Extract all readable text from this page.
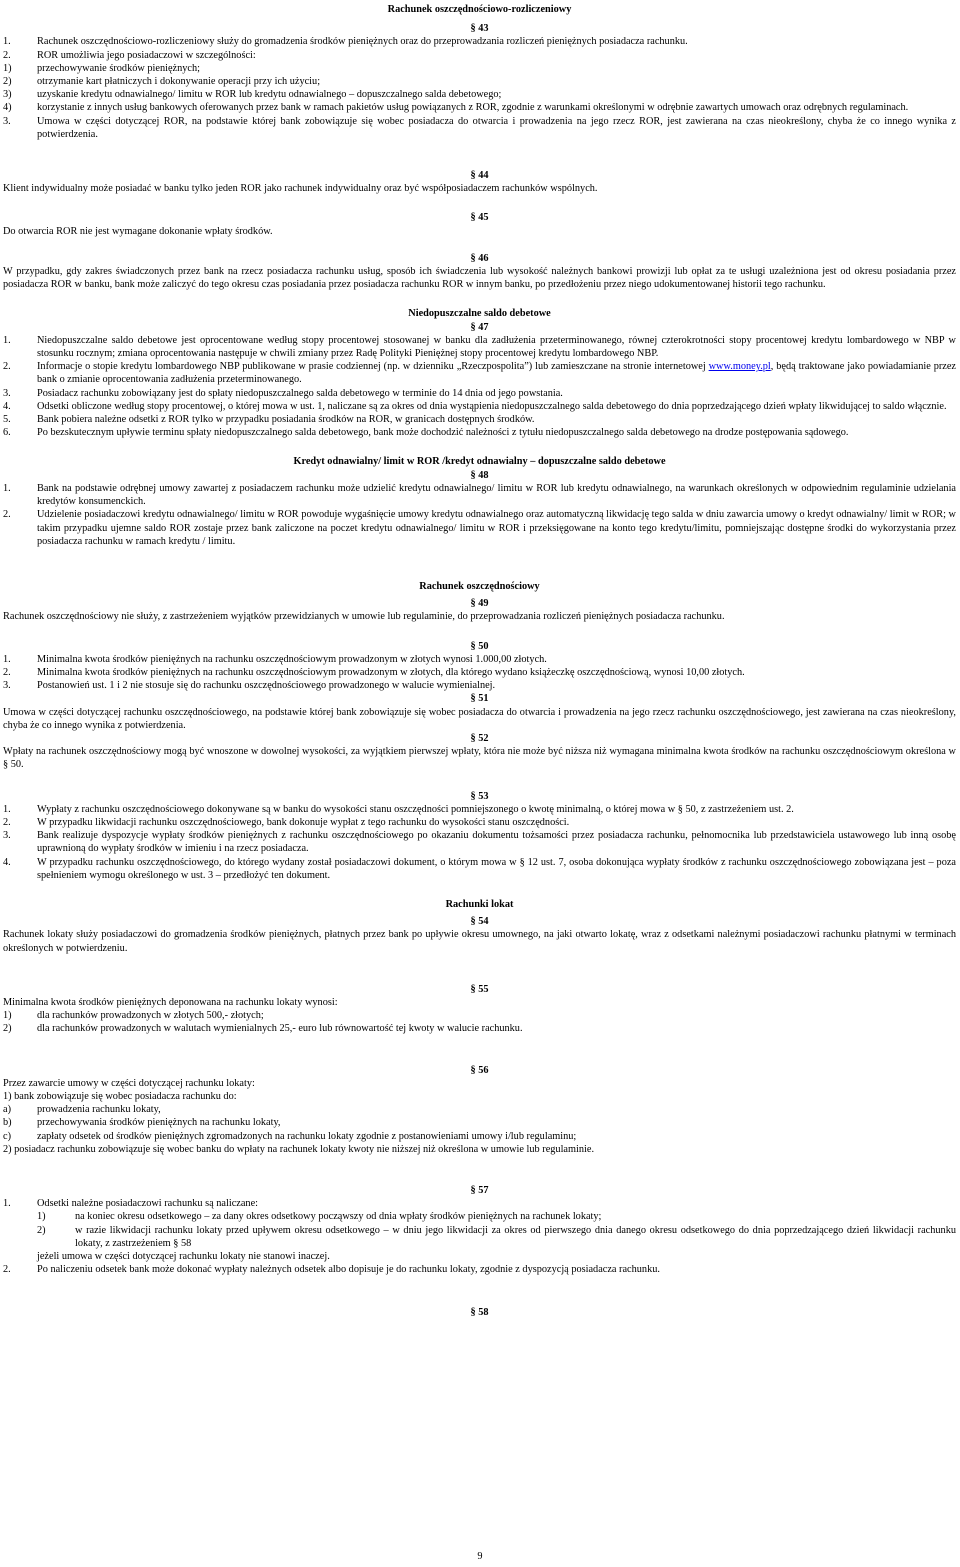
Rachunek oszczędnościowo-rozliczeniowy
§ 43
1.	Rachunek oszczędnościowo-rozliczeniowy służy do gromadzenia środków pieniężnych oraz do przeprowadzania rozliczeń pieniężnych posiadacza rachunku.
2.	ROR umożliwia jego posiadaczowi w szczególności:
1)	przechowywanie środków pieniężnych;
2)	otrzymanie kart płatniczych i dokonywanie operacji przy ich użyciu;
3)	uzyskanie kredytu odnawialnego/ limitu w ROR lub kredytu odnawialnego – dopuszczalnego salda debetowego;
4)	korzystanie z innych usług bankowych oferowanych przez bank w ramach pakietów usług powiązanych z ROR, zgodnie z warunkami określonymi w odrębnie zawartych umowach oraz odrębnych regulaminach.
3.	Umowa w części dotyczącej ROR, na podstawie której bank zobowiązuje się wobec posiadacza do otwarcia i prowadzenia na jego rzecz ROR, jest zawierana na czas nieokreślony, chyba że co innego wynika z potwierdzenia.
§ 44

Klient indywidualny może posiadać w banku tylko jeden ROR jako rachunek indywidualny oraz być współposiadaczem rachunków wspólnych.

§ 45

Do otwarcia ROR nie jest wymagane dokonanie wpłaty środków.

§ 46

W przypadku, gdy zakres świadczonych przez bank na rzecz posiadacza rachunku usług, sposób ich świadczenia lub wysokość należnych bankowi prowizji lub opłat za te usługi uzależniona jest od okresu posiadania przez posiadacza ROR w banku, bank może zaliczyć do tego okresu czas posiadania przez posiadacza rachunku ROR w innym banku, po przedłożeniu przez niego udokumentowanej historii tego rachunku.

Niedopuszczalne saldo debetowe
§ 47
1.	Niedopuszczalne saldo debetowe jest oprocentowane według stopy procentowej stosowanej w banku dla zadłużenia przeterminowanego, równej czterokrotności stopy procentowej kredytu lombardowego w NBP w stosunku rocznym; zmiana oprocentowania następuje w chwili zmiany przez Radę Polityki Pieniężnej stopy procentowej kredytu lombardowego NBP.
2.	Informacje o stopie kredytu lombardowego NBP publikowane w prasie codziennej (np. w dzienniku „Rzeczpospolita”) lub zamieszczane na stronie internetowej www.money.pl, będą traktowane jako powiadamianie przez bank o zmianie oprocentowania zadłużenia przeterminowanego.
3.	Posiadacz rachunku zobowiązany jest do spłaty niedopuszczalnego salda debetowego w terminie do 14 dnia od jego powstania.
4.	Odsetki obliczone według stopy procentowej, o której mowa w ust. 1, naliczane są za okres od dnia wystąpienia niedopuszczalnego salda debetowego do dnia poprzedzającego dzień wpłaty likwidującej to saldo włącznie.
5.	Bank pobiera należne odsetki z ROR tylko w przypadku posiadania środków na ROR, w granicach dostępnych środków.
6.	Po bezskutecznym upływie terminu spłaty niedopuszczalnego salda debetowego, bank może dochodzić należności z tytułu niedopuszczalnego salda debetowego na drodze postępowania sądowego.
Kredyt odnawialny/ limit w ROR /kredyt odnawialny – dopuszczalne saldo debetowe
§ 48
1.	Bank na podstawie odrębnej umowy zawartej z posiadaczem rachunku może udzielić kredytu odnawialnego/ limitu w ROR lub kredytu odnawialnego, na warunkach określonych w odpowiednim regulaminie udzielania kredytów konsumenckich.
2.	Udzielenie posiadaczowi kredytu odnawialnego/ limitu w ROR powoduje wygaśnięcie umowy kredytu odnawialnego oraz automatyczną likwidację tego salda w dniu zawarcia umowy o kredyt odnawialny/ limit w ROR; w takim przypadku ujemne saldo ROR zostaje przez bank zaliczone na poczet kredytu odnawialnego/ limitu w ROR i przeksięgowane na konto tego kredytu/limitu, pomniejszając dostępne środki do wykorzystania przez posiadacza rachunku w ramach kredytu / limitu.
Rachunek oszczędnościowy
§ 49

Rachunek oszczędnościowy nie służy, z zastrzeżeniem wyjątków przewidzianych w umowie lub regulaminie, do przeprowadzania rozliczeń pieniężnych posiadacza rachunku.

§ 50
1.	Minimalna kwota środków pieniężnych na rachunku oszczędnościowym prowadzonym w złotych wynosi 1.000,00 złotych.
2.	Minimalna kwota środków pieniężnych na rachunku oszczędnościowym prowadzonym w złotych, dla którego wydano książeczkę oszczędnościową, wynosi 10,00 złotych.
3.	Postanowień ust. 1 i 2 nie stosuje się do rachunku oszczędnościowego prowadzonego w walucie wymienialnej.
§ 51

Umowa w części dotyczącej rachunku oszczędnościowego, na podstawie której bank zobowiązuje się wobec posiadacza do otwarcia i prowadzenia na jego rzecz rachunku oszczędnościowego, jest zawierana na czas nieokreślony, chyba że co innego wynika z potwierdzenia.

§ 52

Wpłaty na rachunek oszczędnościowy mogą być wnoszone w dowolnej wysokości, za wyjątkiem pierwszej wpłaty, która nie może być niższa niż wymagana minimalna kwota środków na rachunku oszczędnościowym określona w § 50.

§ 53
1.	Wypłaty z rachunku oszczędnościowego dokonywane są w banku do wysokości stanu oszczędności pomniejszonego o kwotę minimalną, o której mowa w § 50, z zastrzeżeniem ust. 2.
2.	W przypadku likwidacji rachunku oszczędnościowego, bank dokonuje wypłat z tego rachunku do wysokości stanu oszczędności.
3.	Bank realizuje dyspozycje wypłaty środków pieniężnych z rachunku oszczędnościowego po okazaniu dokumentu tożsamości przez posiadacza rachunku, pełnomocnika lub przedstawiciela ustawowego lub inną osobę uprawnioną do wypłaty środków w imieniu i na rzecz posiadacza.
4.	W przypadku rachunku oszczędnościowego, do którego wydany został posiadaczowi dokument, o którym mowa w § 12 ust. 7, osoba dokonująca wypłaty środków z rachunku oszczędnościowego zobowiązana jest – poza spełnieniem wymogu określonego w ust. 3 – przedłożyć ten dokument.
Rachunki lokat
§ 54

Rachunek lokaty służy posiadaczowi do gromadzenia środków pieniężnych, płatnych przez bank po upływie okresu umownego, na jaki otwarto lokatę, wraz z odsetkami należnymi posiadaczowi rachunku płatnymi w terminach określonych w potwierdzeniu.

§ 55

Minimalna kwota środków pieniężnych deponowana na rachunku lokaty wynosi:

1)	dla rachunków prowadzonych w złotych 500,- złotych;
2)	dla rachunków prowadzonych w walutach wymienialnych 25,- euro lub równowartość tej kwoty w walucie rachunku.
§ 56

Przez zawarcie umowy w części dotyczącej rachunku lokaty:

1) bank zobowiązuje się wobec posiadacza rachunku do:

a)	prowadzenia rachunku lokaty,
b)	przechowywania środków pieniężnych na rachunku lokaty,
c)	zapłaty odsetek od środków pieniężnych zgromadzonych na rachunku lokaty zgodnie z postanowieniami umowy i/lub regulaminu;

2) posiadacz rachunku zobowiązuje się wobec banku do wpłaty na rachunek lokaty kwoty nie niższej niż określona w umowie lub regulaminie.

§ 57
1.	Odsetki należne posiadaczowi rachunku są naliczane:
1)	na koniec okresu odsetkowego – za dany okres odsetkowy począwszy od dnia wpłaty środków pieniężnych na rachunek lokaty;
2)	w razie likwidacji rachunku lokaty przed upływem okresu odsetkowego – w dniu jego likwidacji za okres od pierwszego dnia danego okresu odsetkowego do dnia poprzedzającego dzień likwidacji rachunku lokaty, z zastrzeżeniem § 58

jeżeli umowa w części dotyczącej rachunku lokaty nie stanowi inaczej.

2.	Po naliczeniu odsetek bank może dokonać wypłaty należnych odsetek albo dopisuje je do rachunku lokaty, zgodnie z dyspozycją posiadacza rachunku.
§ 58
9
